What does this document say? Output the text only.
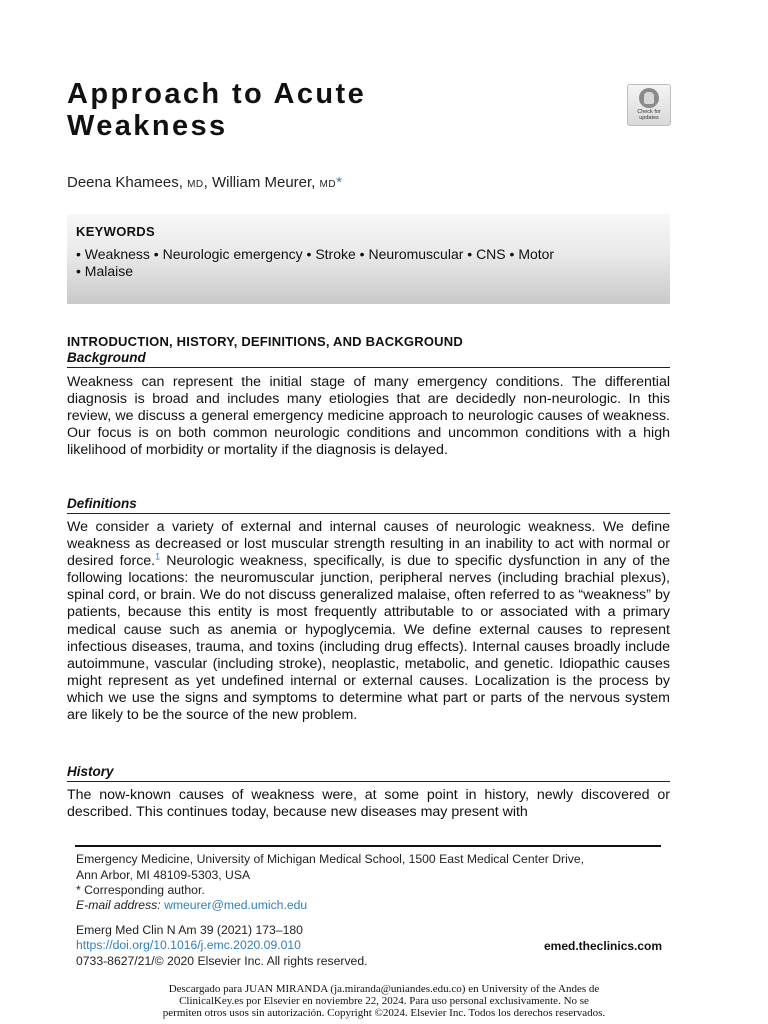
Approach to Acute
Weakness	Check for
updates
Deena Khamees, MD, William Meurer, MD*
KEYWORDS
• Weakness • Neurologic emergency • Stroke • Neuromuscular • CNS • Motor
• Malaise
INTRODUCTION, HISTORY, DEFINITIONS, AND BACKGROUND
Background
Weakness can represent the initial stage of many emergency conditions. The differential diagnosis is broad and includes many etiologies that are decidedly non-neurologic. In this review, we discuss a general emergency medicine approach to neurologic causes of weakness. Our focus is on both common neurologic conditions and uncommon conditions with a high likelihood of morbidity or mortality if the diagnosis is delayed.
Definitions
We consider a variety of external and internal causes of neurologic weakness. We define weakness as decreased or lost muscular strength resulting in an inability to act with normal or desired force.$^1$ Neurologic weakness, specifically, is due to specific dysfunction in any of the following locations: the neuromuscular junction, peripheral nerves (including brachial plexus), spinal cord, or brain. We do not discuss generalized malaise, often referred to as “weakness” by patients, because this entity is most frequently attributable to or associated with a primary medical cause such as anemia or hypoglycemia. We define external causes to represent infectious diseases, trauma, and toxins (including drug effects). Internal causes broadly include autoimmune, vascular (including stroke), neoplastic, metabolic, and genetic. Idiopathic causes might represent as yet undefined internal or external causes. Localization is the process by which we use the signs and symptoms to determine what part or parts of the nervous system are likely to be the source of the new problem.
History
The now-known causes of weakness were, at some point in history, newly discovered or described. This continues today, because new diseases may present with
Emergency Medicine, University of Michigan Medical School, 1500 East Medical Center Drive,
Ann Arbor, MI 48109-5303, USA
* Corresponding author.
E-mail address: wmeurer@med.umich.edu
Emerg Med Clin N Am 39 (2021) 173–180
https://doi.org/10.1016/j.emc.2020.09.010
0733-8627/21/© 2020 Elsevier Inc. All rights reserved.
emed.theclinics.com
Descargado para JUAN MIRANDA (ja.miranda@uniandes.edu.co) en University of the Andes de
ClinicalKey.es por Elsevier en noviembre 22, 2024. Para uso personal exclusivamente. No se
permiten otros usos sin autorización. Copyright ©2024. Elsevier Inc. Todos los derechos reservados.
